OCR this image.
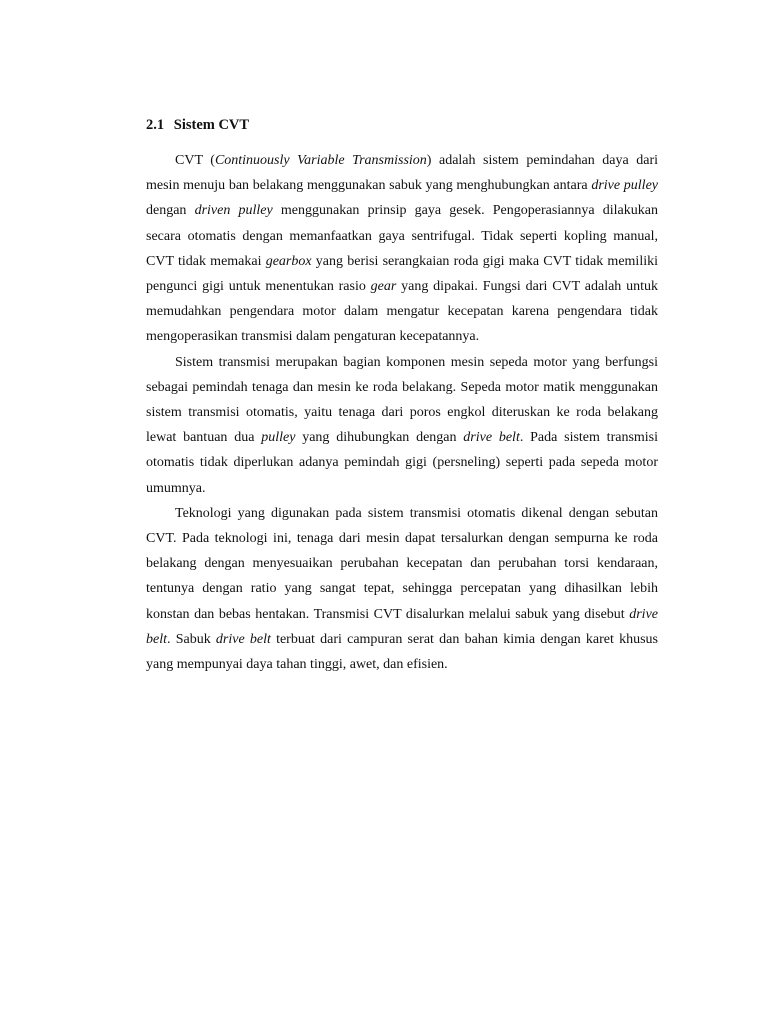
2.1 Sistem CVT

CVT (Continuously Variable Transmission) adalah sistem pemindahan daya dari mesin menuju ban belakang menggunakan sabuk yang menghubungkan antara drive pulley dengan driven pulley menggunakan prinsip gaya gesek. Pengoperasiannya dilakukan secara otomatis dengan memanfaatkan gaya sentrifugal. Tidak seperti kopling manual, CVT tidak memakai gearbox yang berisi serangkaian roda gigi maka CVT tidak memiliki pengunci gigi untuk menentukan rasio gear yang dipakai. Fungsi dari CVT adalah untuk memudahkan pengendara motor dalam mengatur kecepatan karena pengendara tidak mengoperasikan transmisi dalam pengaturan kecepatannya.

Sistem transmisi merupakan bagian komponen mesin sepeda motor yang berfungsi sebagai pemindah tenaga dan mesin ke roda belakang. Sepeda motor matik menggunakan sistem transmisi otomatis, yaitu tenaga dari poros engkol diteruskan ke roda belakang lewat bantuan dua pulley yang dihubungkan dengan drive belt. Pada sistem transmisi otomatis tidak diperlukan adanya pemindah gigi (persneling) seperti pada sepeda motor umumnya.

Teknologi yang digunakan pada sistem transmisi otomatis dikenal dengan sebutan CVT. Pada teknologi ini, tenaga dari mesin dapat tersalurkan dengan sempurna ke roda belakang dengan menyesuaikan perubahan kecepatan dan perubahan torsi kendaraan, tentunya dengan ratio yang sangat tepat, sehingga percepatan yang dihasilkan lebih konstan dan bebas hentakan. Transmisi CVT disalurkan melalui sabuk yang disebut drive belt. Sabuk drive belt terbuat dari campuran serat dan bahan kimia dengan karet khusus yang mempunyai daya tahan tinggi, awet, dan efisien.
